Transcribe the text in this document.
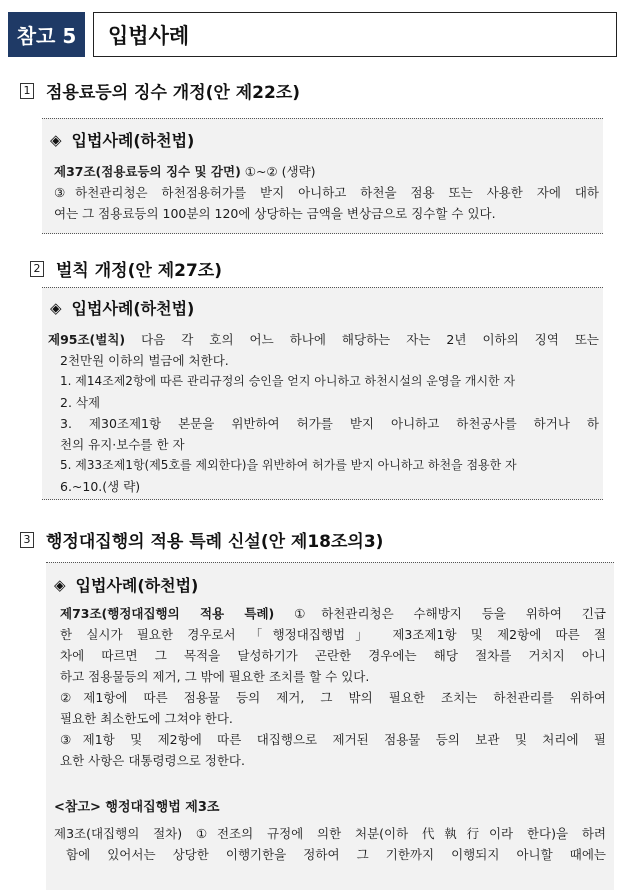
참고 5	입법사례
1 점용료등의 징수 개정(안 제22조)
◈ 입법사례(하천법)
제37조(점용료등의 징수 및 감면) ①~② (생략)
③하천관리청은 하천점용허가를 받지 아니하고 하천을 점용 또는 사용한 자에 대하
여는 그 점용료등의 100분의 120에 상당하는 금액을 변상금으로 징수할 수 있다.
2 벌칙 개정(안 제27조)
◈ 입법사례(하천법)
제95조(벌칙) 다음 각 호의 어느 하나에 해당하는 자는 2년 이하의 징역 또는
2천만원 이하의 벌금에 처한다.
1. 제14조제2항에 따른 관리규정의 승인을 얻지 아니하고 하천시설의 운영을 개시한 자
2. 삭제
3. 제30조제1항 본문을 위반하여 허가를 받지 아니하고 하천공사를 하거나 하
천의 유지·보수를 한 자
5. 제33조제1항(제5호를 제외한다)을 위반하여 허가를 받지 아니하고 하천을 점용한 자
6.~10.(생 략)
3 행정대집행의 적용 특례 신설(안 제18조의3)
◈ 입법사례(하천법)
제73조(행정대집행의 적용 특례) ①하천관리청은 수해방지 등을 위하여 긴급
한 실시가 필요한 경우로서 「행정대집행법」 제3조제1항 및 제2항에 따른 절
차에 따르면 그 목적을 달성하기가 곤란한 경우에는 해당 절차를 거치지 아니
하고 점용물등의 제거, 그 밖에 필요한 조치를 할 수 있다.
②제1항에 따른 점용물 등의 제거, 그 밖의 필요한 조치는 하천관리를 위하여
필요한 최소한도에 그쳐야 한다.
③제1항 및 제2항에 따른 대집행으로 제거된 점용물 등의 보관 및 처리에 필
요한 사항은 대통령령으로 정한다.
<참고> 행정대집행법 제3조
제3조(대집행의 절차) ①전조의 규정에 의한 처분(이하 代執行이라 한다)을 하려
함에 있어서는 상당한 이행기한을 정하여 그 기한까지 이행되지 아니할 때에는
